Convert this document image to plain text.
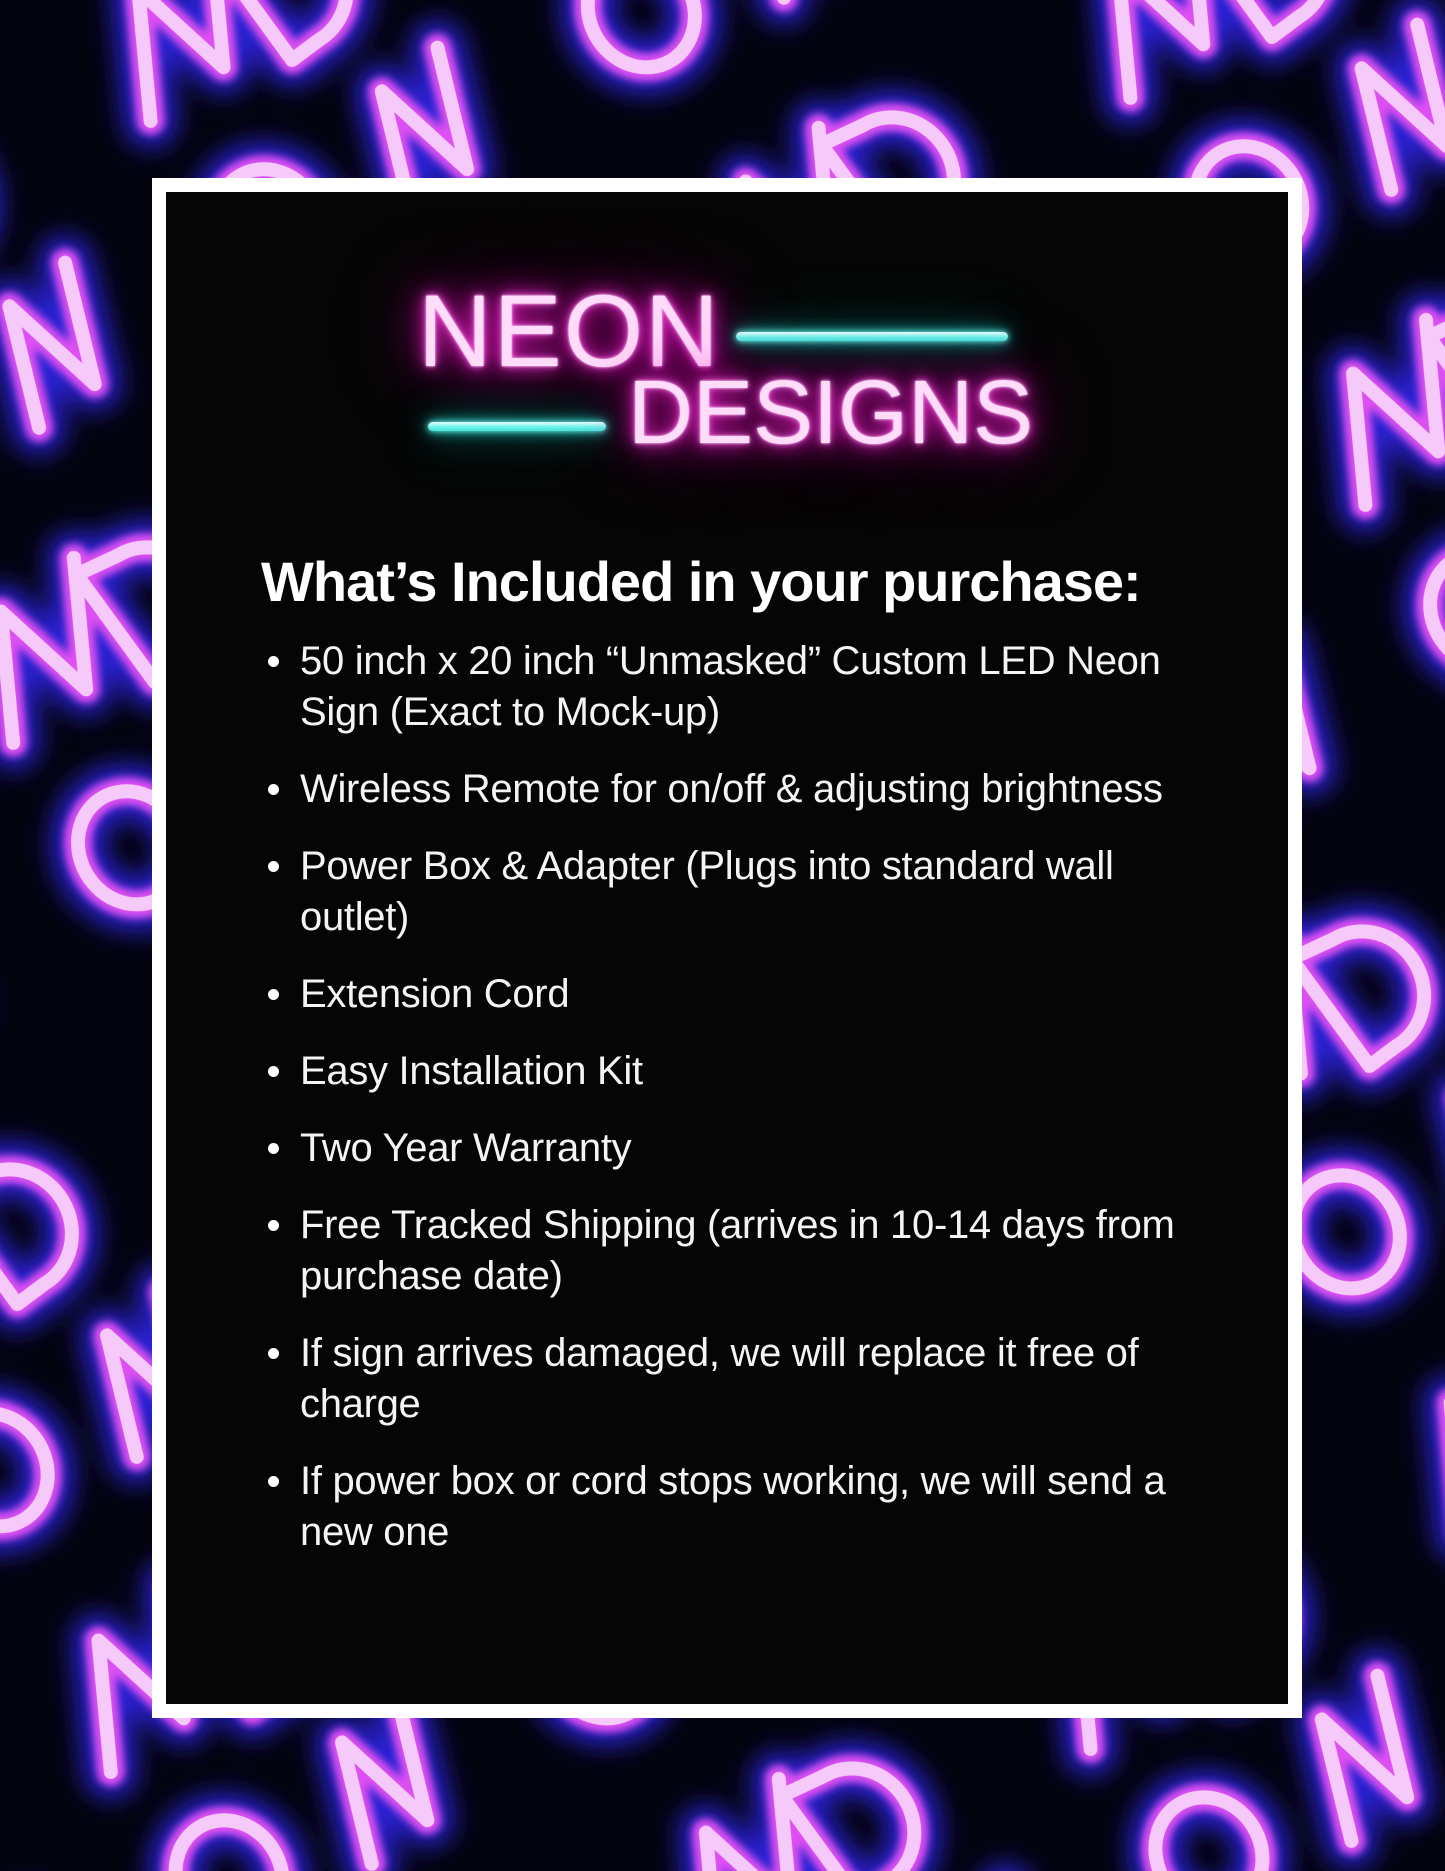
NEON
DESIGNS
What’s Included in your purchase:
50 inch x 20 inch “Unmasked” Custom LED Neon Sign (Exact to Mock-up)
Wireless Remote for on/off & adjusting brightness
Power Box & Adapter (Plugs into standard wall outlet)
Extension Cord
Easy Installation Kit
Two Year Warranty
Free Tracked Shipping (arrives in 10-14 days from purchase date)
If sign arrives damaged, we will replace it free of charge
If power box or cord stops working, we will send a new one
